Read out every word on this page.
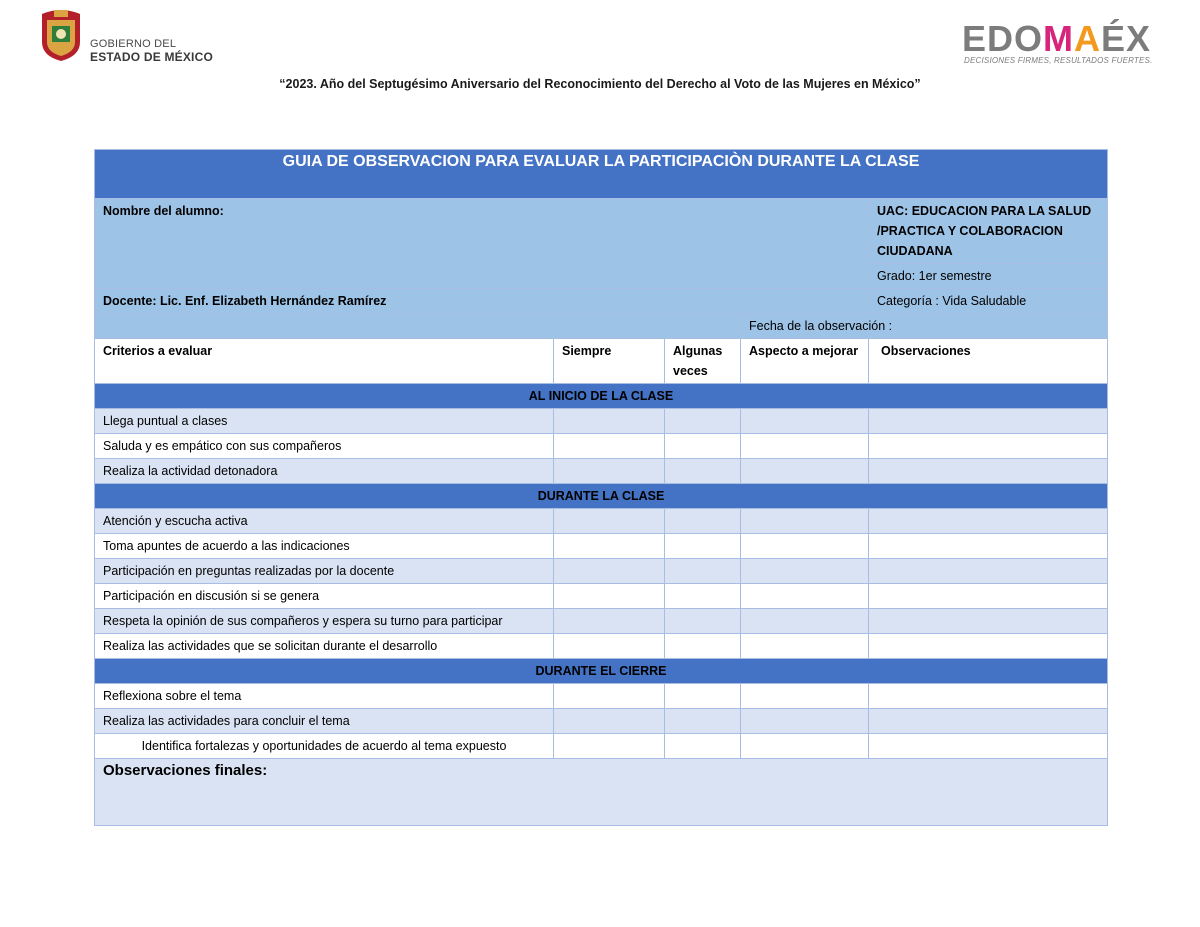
GOBIERNO DEL
ESTADO DE MÉXICO	EDOMAÉX
DECISIONES FIRMES, RESULTADOS FUERTES.
“2023. Año del Septugésimo Aniversario del Reconocimiento del Derecho al Voto de las Mujeres en México”
GUIA DE OBSERVACION PARA EVALUAR LA PARTICIPACIÒN DURANTE LA CLASE				
Nombre del alumno:				UAC: EDUCACION PARA LA SALUD /PRACTICA Y COLABORACION CIUDADANA
				Grado: 1er semestre
Docente: Lic. Enf. Elizabeth Hernández Ramírez				Categoría : Vida Saludable
			Fecha de la observación :	
Criterios a evaluar	Siempre	Algunas veces	Aspecto a mejorar	Observaciones
AL INICIO DE LA CLASE				
Llega puntual a clases				
Saluda y es empático con sus compañeros				
Realiza la actividad detonadora				
DURANTE LA CLASE				
Atención y escucha activa				
Toma apuntes de acuerdo a las indicaciones				
Participación en preguntas realizadas por la docente				
Participación en discusión si se genera				
Respeta la opinión de sus compañeros y espera su turno para participar				
Realiza las actividades que se solicitan durante el desarrollo				
DURANTE EL CIERRE				
Reflexiona sobre el tema				
Realiza las actividades para concluir el tema				
Identifica fortalezas y oportunidades de acuerdo al tema expuesto				
Observaciones finales:				
